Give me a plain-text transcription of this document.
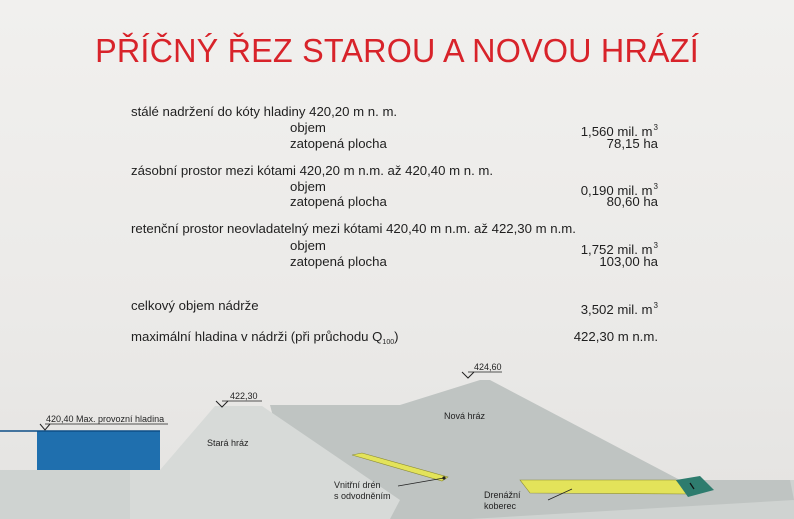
PŘÍČNÝ ŘEZ STAROU A NOVOU HRÁZÍ
stálé nadržení do kóty hladiny 420,20 m n. m.
objem	1,560 mil. $m^3$
zatopená plocha	78,15 ha
zásobní prostor mezi kótami 420,20 m n.m. až 420,40 m n. m.
objem	0,190 mil. $m^3$
zatopená plocha	80,60 ha
retenční prostor neovladatelný mezi kótami 420,40 m n.m. až 422,30 m n.m.
objem	1,752 mil. $m^3$
zatopená plocha	103,00 ha
celkový objem nádrže	3,502 mil. $m^3$
maximální hladina v nádrži (při průchodu $Q_{100}$)	422,30 m n.m.
420,40 Max. provozní hladina
422,30
424,60
Stará hráz
Nová hráz
Vnitřní drén
s odvodněním	Drenážní
koberec
